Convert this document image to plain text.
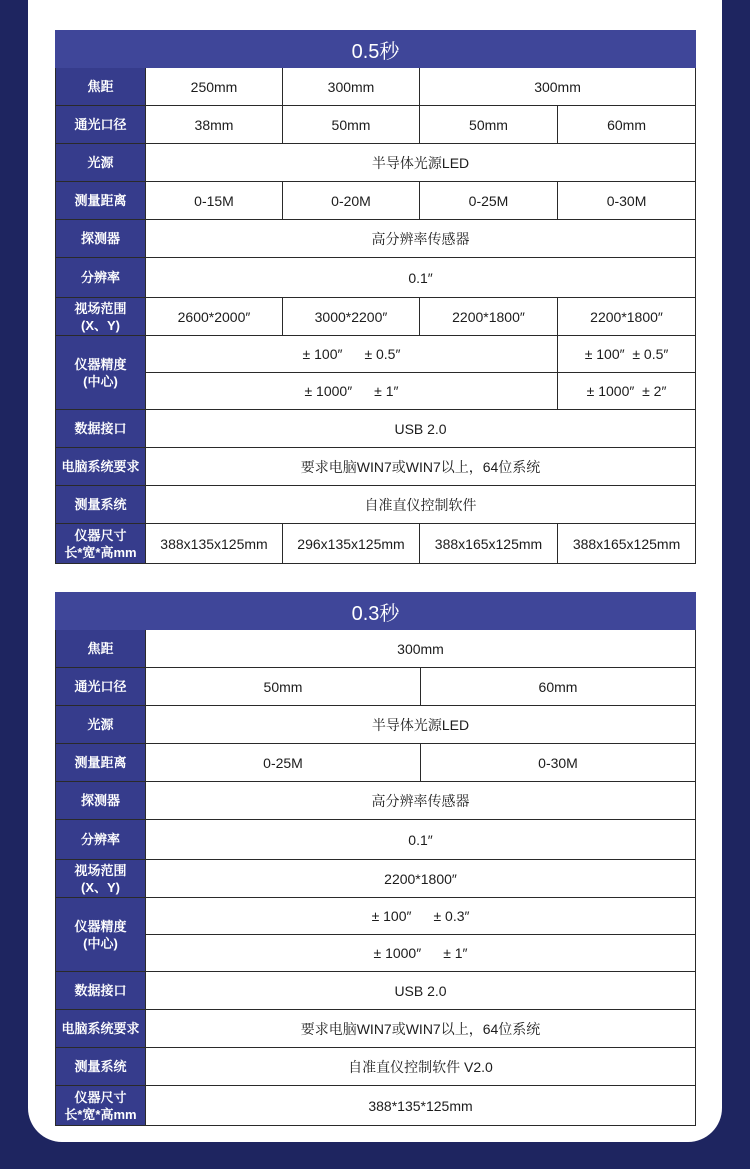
0.5秒				
焦距	250mm	300mm	300mm	
通光口径	38mm	50mm	50mm	60mm
光源	半导体光源LED			
测量距离	0-15M	0-20M	0-25M	0-30M
探测器	高分辨率传感器			
分辨率	0.1″			
视场范围
(X、Y)	2600*2000″	3000*2200″	2200*1800″	2200*1800″
仪器精度
(中心)	± 100″ ± 0.5″			± 100″  ± 0.5″
	± 1000″ ± 1″			± 1000″  ± 2″
数据接口	USB 2.0			
电脑系统要求	要求电脑WIN7或WIN7以上，64位系统			
测量系统	自准直仪控制软件			
仪器尺寸
长*宽*高mm	388x135x125mm	296x135x125mm	388x165x125mm	388x165x125mm
0.3秒		
焦距	300mm	
通光口径	50mm	60mm
光源	半导体光源LED	
测量距离	0-25M	0-30M
探测器	高分辨率传感器	
分辨率	0.1″	
视场范围
(X、Y)	2200*1800″	
仪器精度
(中心)	± 100″ ± 0.3″	
	± 1000″ ± 1″	
数据接口	USB 2.0	
电脑系统要求	要求电脑WIN7或WIN7以上，64位系统	
测量系统	自准直仪控制软件 V2.0	
仪器尺寸
长*宽*高mm	388*135*125mm	
